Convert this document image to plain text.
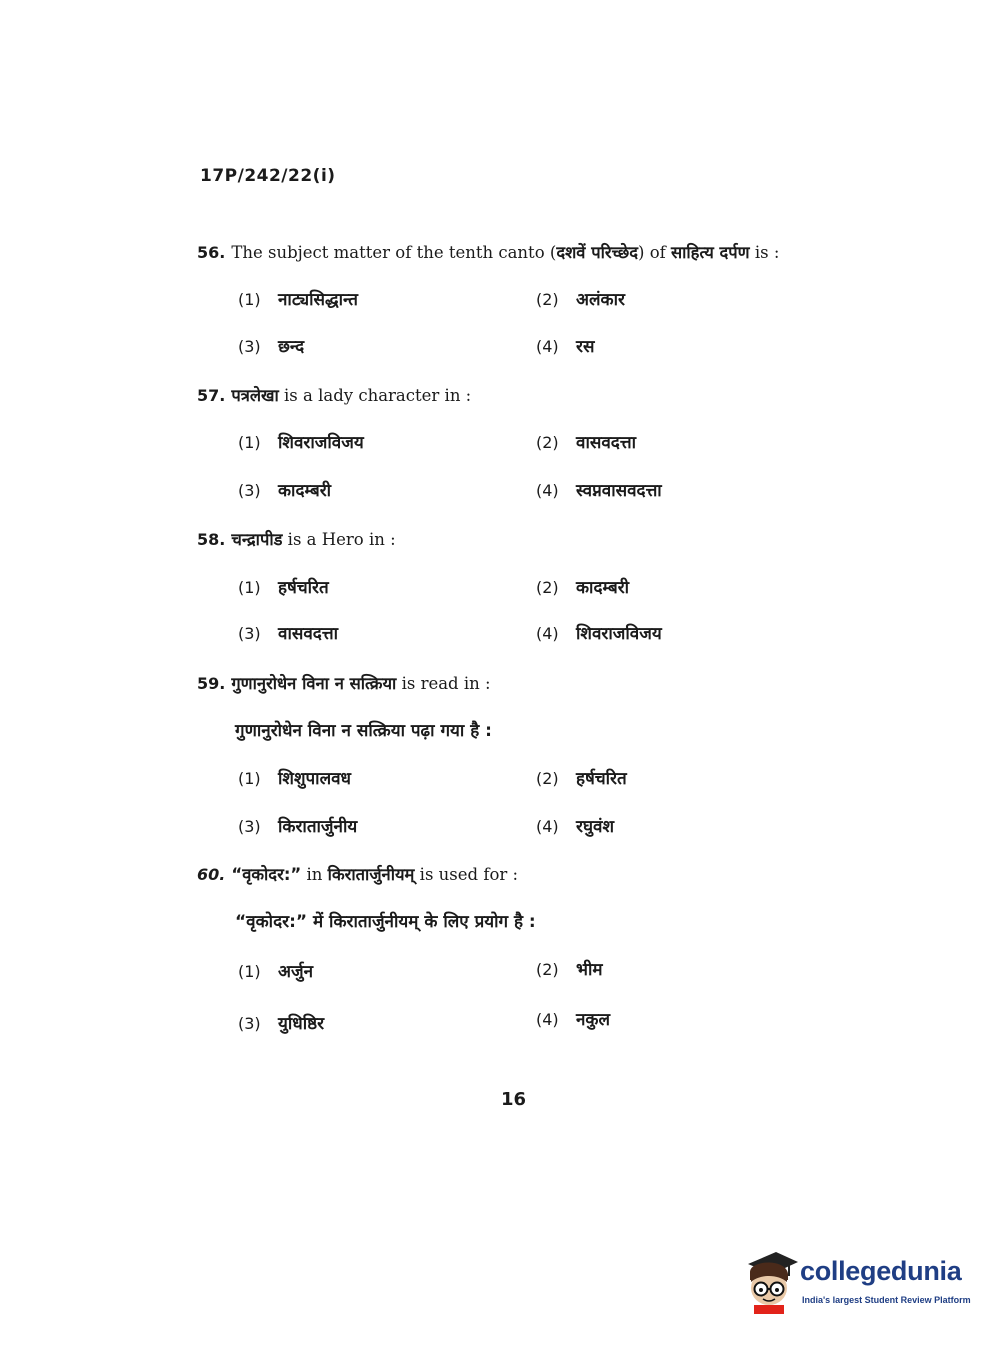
17P/242/22(i)
56. The subject matter of the tenth canto (दशवें परिच्छेद) of साहित्य दर्पण is :
(1) नाट्यसिद्धान्त	(2) अलंकार
(3) छन्द	(4) रस
57. पत्रलेखा is a lady character in :
(1) शिवराजविजय	(2) वासवदत्ता
(3) कादम्बरी	(4) स्वप्नवासवदत्ता
58. चन्द्रापीड is a Hero in :
(1) हर्षचरित	(2) कादम्बरी
(3) वासवदत्ता	(4) शिवराजविजय
59. गुणानुरोधेन विना न सत्क्रिया is read in :
गुणानुरोधेन विना न सत्क्रिया पढ़ा गया है :
(1) शिशुपालवध	(2) हर्षचरित
(3) किरातार्जुनीय	(4) रघुवंश
60. “वृकोदर:” in किरातार्जुनीयम् is used for :
“वृकोदर:” में किरातार्जुनीयम् के लिए प्रयोग है :
(1) अर्जुन	(2) भीम
(3) युधिष्ठिर	(4) नकुल
16
collegedunia
India's largest Student Review Platform
